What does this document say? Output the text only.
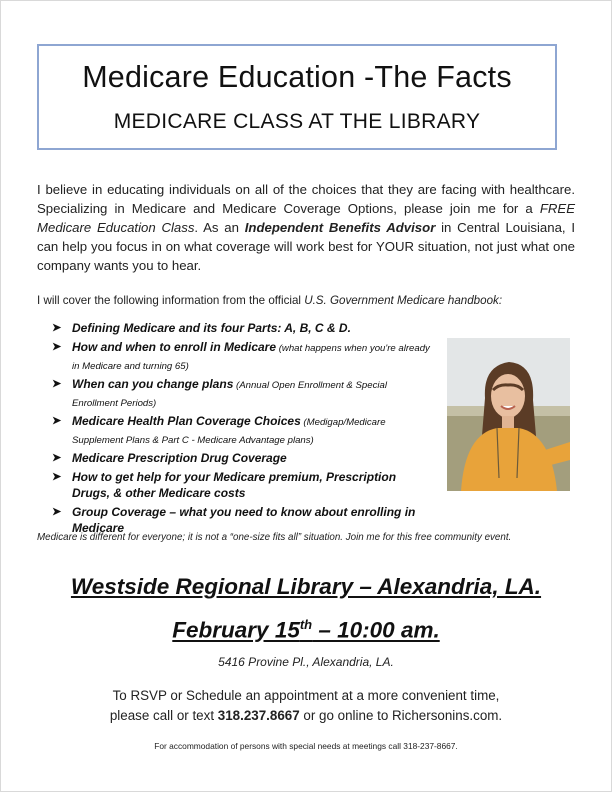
Medicare Education -The Facts
MEDICARE CLASS AT THE LIBRARY
I believe in educating individuals on all of the choices that they are facing with healthcare. Specializing in Medicare and Medicare Coverage Options, please join me for a FREE Medicare Education Class. As an Independent Benefits Advisor in Central Louisiana, I can help you focus in on what coverage will work best for YOUR situation, not just what one company wants you to hear.
I will cover the following information from the official U.S. Government Medicare handbook:
➤ Defining Medicare and its four Parts: A, B, C & D.
➤ How and when to enroll in Medicare (what happens when you're already in Medicare and turning 65)
➤ When can you change plans (Annual Open Enrollment & Special Enrollment Periods)
➤ Medicare Health Plan Coverage Choices (Medigap/Medicare Supplement Plans & Part C - Medicare Advantage plans)
➤ Medicare Prescription Drug Coverage
➤ How to get help for your Medicare premium, Prescription Drugs, & other Medicare costs
➤ Group Coverage – what you need to know about enrolling in Medicare
Medicare is different for everyone; it is not a “one-size fits all” situation. Join me for this free community event.
Westside Regional Library – Alexandria, LA.
February 15th – 10:00 am.
5416 Provine Pl., Alexandria, LA.
To RSVP or Schedule an appointment at a more convenient time,
please call or text 318.237.8667 or go online to Richersonins.com.
For accommodation of persons with special needs at meetings call 318-237-8667.
